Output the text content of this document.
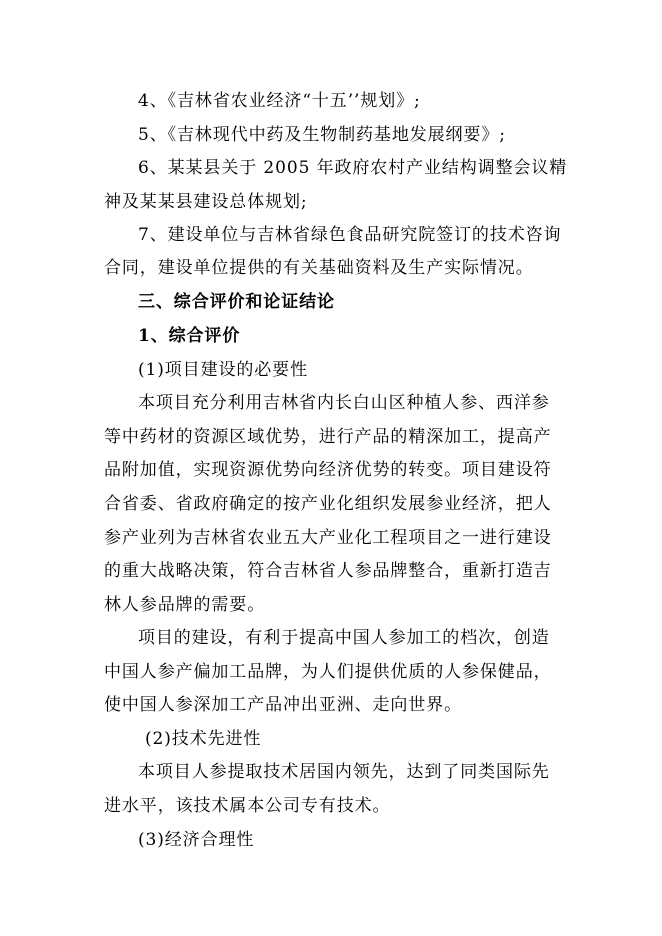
4、《吉林省农业经济“十五’’规划》;
5、《吉林现代中药及生物制药基地发展纲要》;
6、某某县关于 2005 年政府农村产业结构调整会议精
神及某某县建设总体规划;
7、建设单位与吉林省绿色食品研究院签订的技术咨询
合同，建设单位提供的有关基础资料及生产实际情况。
三、综合评价和论证结论
1、综合评价
(1)项目建设的必要性
本项目充分利用吉林省内长白山区种植人参、西洋参
等中药材的资源区域优势，进行产品的精深加工，提高产
品附加值，实现资源优势向经济优势的转变。项目建设符
合省委、省政府确定的按产业化组织发展参业经济，把人
参产业列为吉林省农业五大产业化工程项目之一进行建设
的重大战略决策，符合吉林省人参品牌整合，重新打造吉
林人参品牌的需要。
项目的建设，有利于提高中国人参加工的档次，创造
中国人参产偏加工品牌，为人们提供优质的人参保健品，
使中国人参深加工产品冲出亚洲、走向世界。
(2)技术先进性
本项目人参提取技术居国内领先，达到了同类国际先
进水平，该技术属本公司专有技术。
(3)经济合理性
